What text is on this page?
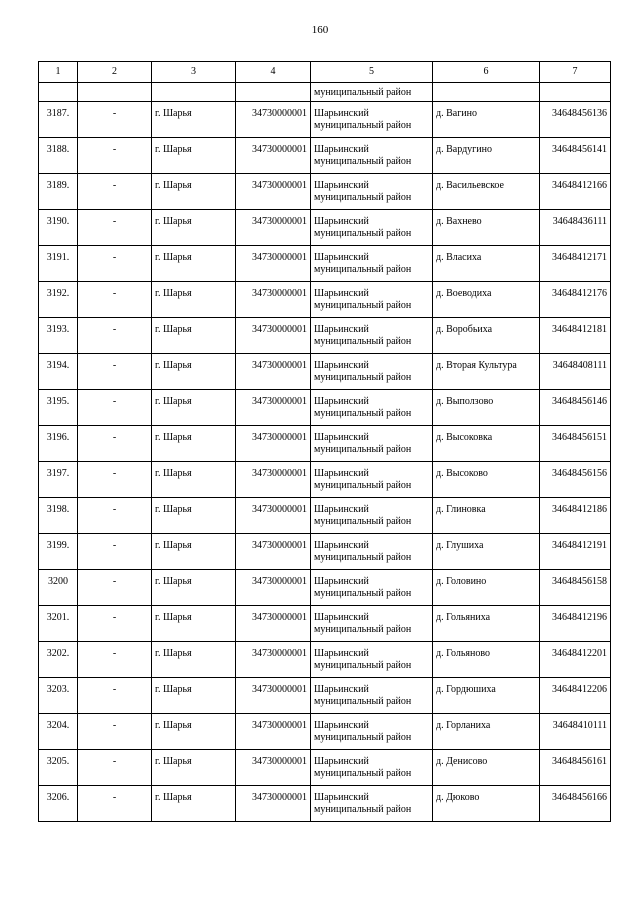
160
1	2	3	4	5	6	7
				муниципальный район		

3187.	-	г. Шарья	34730000001	Шарьинский
муниципальный район	д. Вагино	34648456136

3188.	-	г. Шарья	34730000001	Шарьинский
муниципальный район	д. Вардугино	34648456141

3189.	-	г. Шарья	34730000001	Шарьинский
муниципальный район	д. Васильевское	34648412166

3190.	-	г. Шарья	34730000001	Шарьинский
муниципальный район	д. Вахнево	34648436111

3191.	-	г. Шарья	34730000001	Шарьинский
муниципальный район	д. Власиха	34648412171

3192.	-	г. Шарья	34730000001	Шарьинский
муниципальный район	д. Воеводиха	34648412176

3193.	-	г. Шарья	34730000001	Шарьинский
муниципальный район	д. Воробьиха	34648412181

3194.	-	г. Шарья	34730000001	Шарьинский
муниципальный район	д. Вторая Культура	34648408111

3195.	-	г. Шарья	34730000001	Шарьинский
муниципальный район	д. Выползово	34648456146

3196.	-	г. Шарья	34730000001	Шарьинский
муниципальный район	д. Высоковка	34648456151

3197.	-	г. Шарья	34730000001	Шарьинский
муниципальный район	д. Высоково	34648456156

3198.	-	г. Шарья	34730000001	Шарьинский
муниципальный район	д. Глиновка	34648412186

3199.	-	г. Шарья	34730000001	Шарьинский
муниципальный район	д. Глушиха	34648412191

3200	-	г. Шарья	34730000001	Шарьинский
муниципальный район	д. Головино	34648456158

3201.	-	г. Шарья	34730000001	Шарьинский
муниципальный район	д. Гольяниха	34648412196

3202.	-	г. Шарья	34730000001	Шарьинский
муниципальный район	д. Гольяново	34648412201

3203.	-	г. Шарья	34730000001	Шарьинский
муниципальный район	д. Гордюшиха	34648412206

3204.	-	г. Шарья	34730000001	Шарьинский
муниципальный район	д. Горланиха	34648410111

3205.	-	г. Шарья	34730000001	Шарьинский
муниципальный район	д. Денисово	34648456161

3206.	-	г. Шарья	34730000001	Шарьинский
муниципальный район	д. Дюково	34648456166
